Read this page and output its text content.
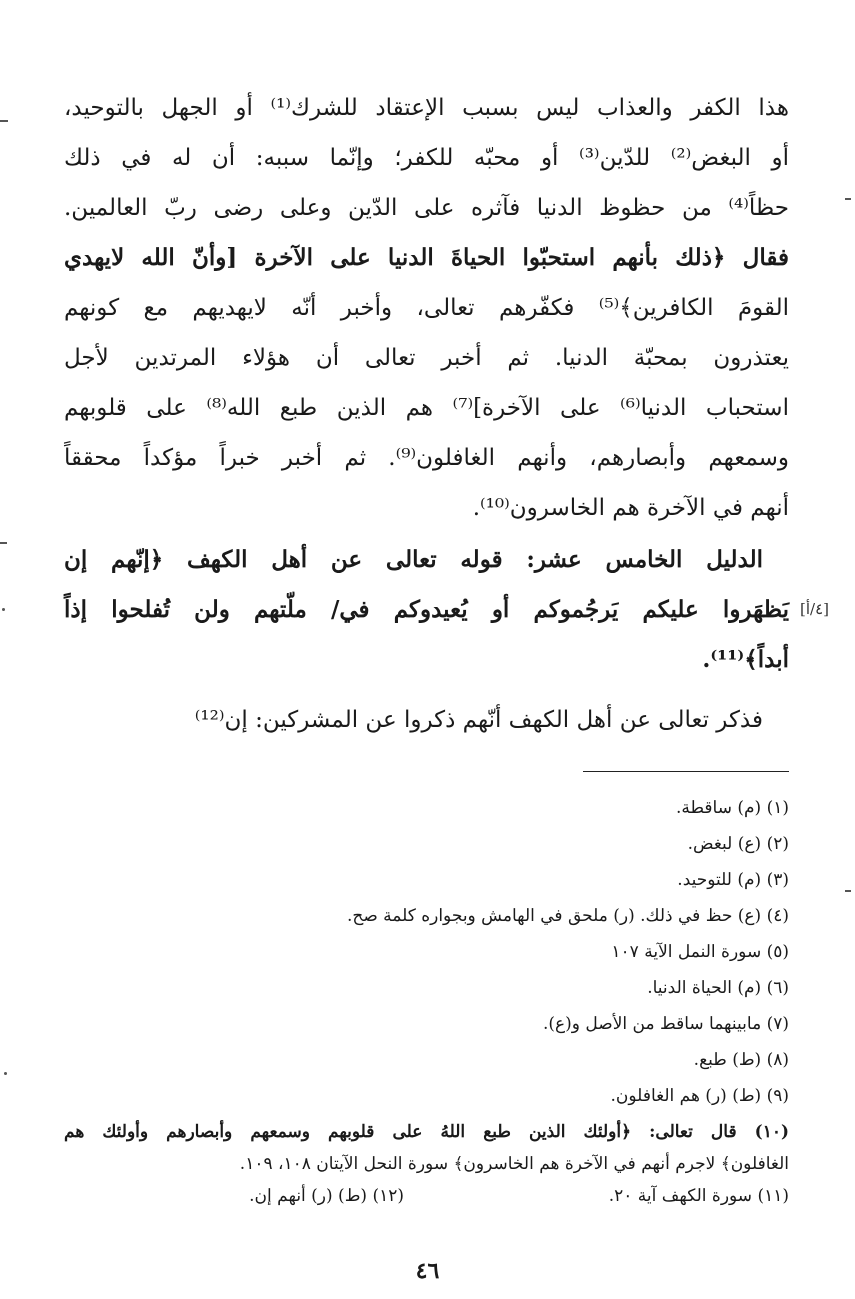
هذا الكفر والعذاب ليس بسبب الإعتقاد للشرك⁽¹⁾ أو الجهل بالتوحيد،
أو البغض⁽²⁾ للدّين⁽³⁾ أو محبّه للكفر؛ وإنّما سببه: أن له في ذلك
حظاً⁽⁴⁾ من حظوظ الدنيا فآثره على الدّين وعلى رضى ربّ العالمين.
فقال ﴿ذلك بأنهم استحبّوا الحياةَ الدنيا على الآخرة [وأنّ الله لايهدي
القومَ الكافرين﴾⁽⁵⁾ فكفّرهم تعالى، وأخبر أنّه لايهديهم مع كونهم
يعتذرون بمحبّة الدنيا. ثم أخبر تعالى أن هؤلاء المرتدين لأجل
استحباب الدنيا⁽⁶⁾ على الآخرة]⁽⁷⁾ هم الذين طبع الله⁽⁸⁾ على قلوبهم
وسمعهم وأبصارهم، وأنهم الغافلون⁽⁹⁾. ثم أخبر خبراً مؤكداً محققاً
أنهم في الآخرة هم الخاسرون⁽¹⁰⁾.
الدليل الخامس عشر: قوله تعالى عن أهل الكهف ﴿إنّهم إن
يَظهَروا عليكم يَرجُموكم أو يُعيدوكم في/ ملّتهم ولن تُفلحوا إذاً
أبداً﴾⁽¹¹⁾.
فذكر تعالى عن أهل الكهف أنّهم ذكروا عن المشركين: إن⁽¹²⁾
[٤/أ]
(١) (م) ساقطة.
(٢) (ع) لبغض.
(٣) (م) للتوحيد.
(٤) (ع) حظ في ذلك. (ر) ملحق في الهامش وبجواره كلمة صح.
(٥) سورة النمل الآية ١٠٧
(٦) (م) الحياة الدنيا.
(٧) مابينهما ساقط من الأصل و(ع).
(٨) (ط) طبع.
(٩) (ط) (ر) هم الغافلون.
(١٠) قال تعالى: ﴿أولئك الذين طبع اللهُ على قلوبهم وسمعهم وأبصارهم وأولئك هم
الغافلون﴾ لاجرم أنهم في الآخرة هم الخاسرون﴾ سورة النحل الآيتان ١٠٨، ١٠٩.
(١١) سورة الكهف آية ٢٠.
(١٢) (ط) (ر) أنهم إن.
٤٦
